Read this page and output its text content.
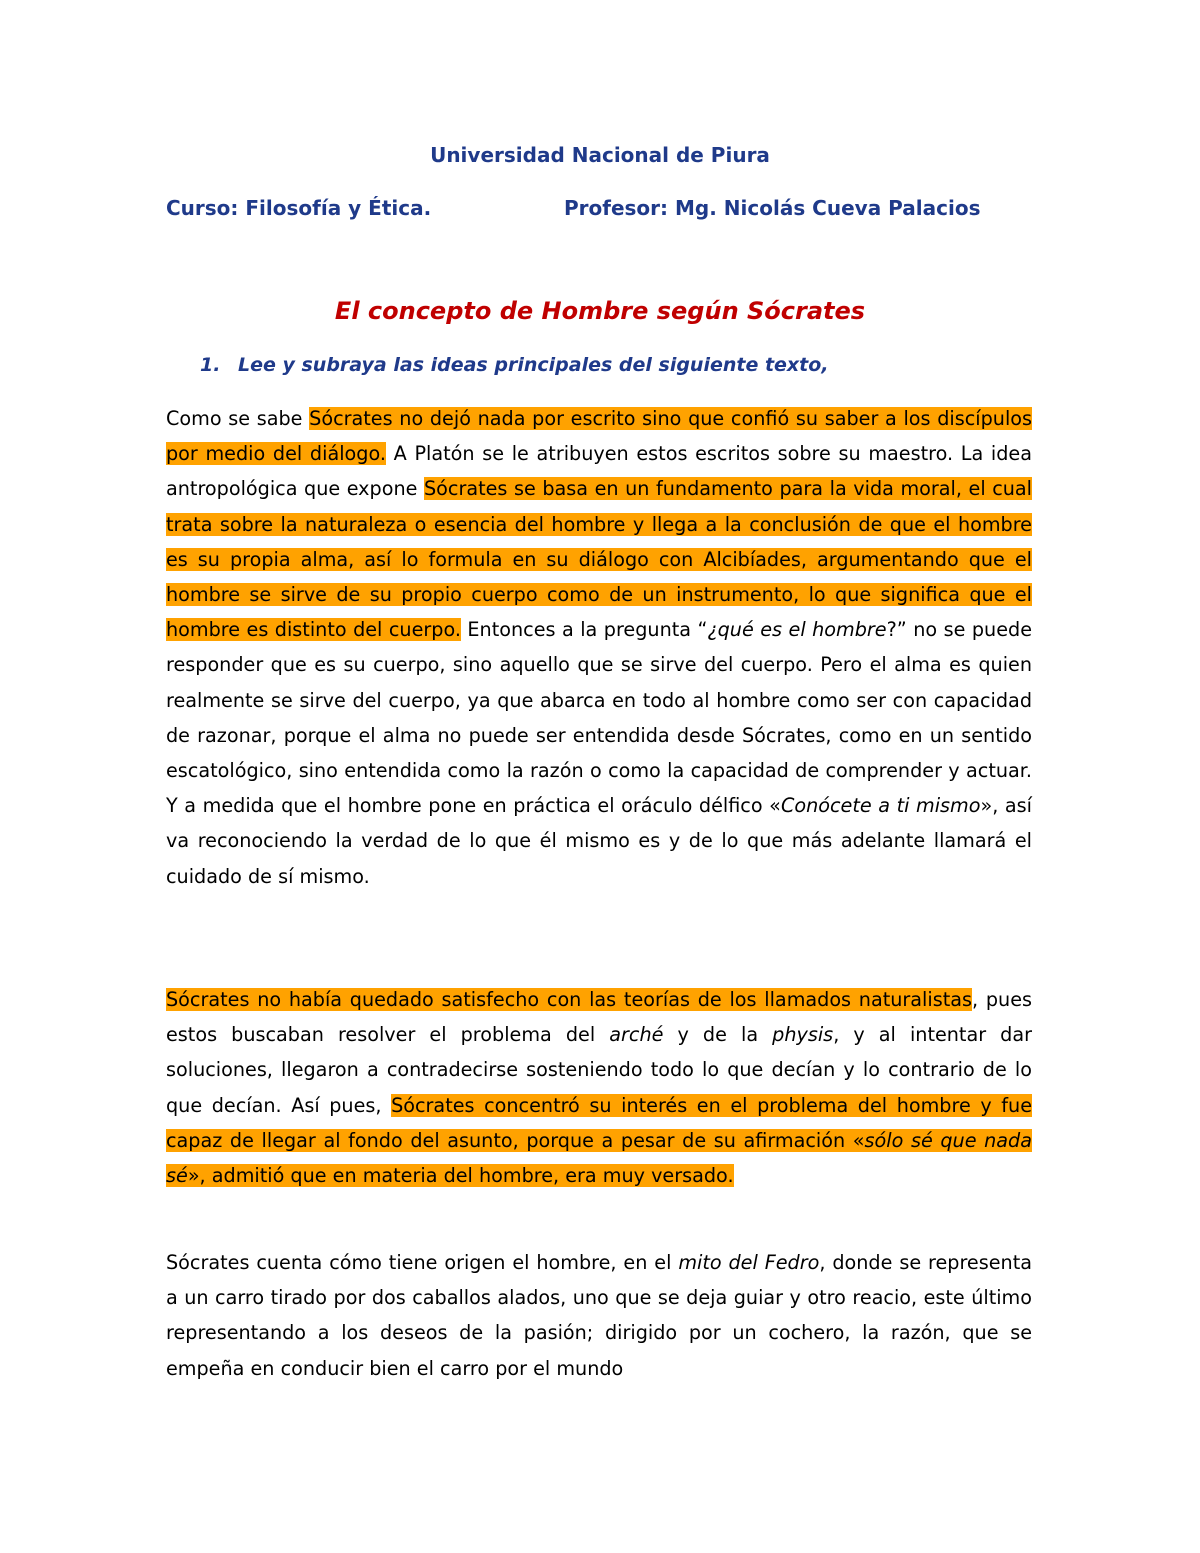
Universidad Nacional de Piura
Curso: Filosofía y Ética.	Profesor: Mg. Nicolás Cueva Palacios
El concepto de Hombre según Sócrates
1. Lee y subraya las ideas principales del siguiente texto,

Como se sabe Sócrates no dejó nada por escrito sino que confió su saber a los discípulos por medio del diálogo. A Platón se le atribuyen estos escritos sobre su maestro. La idea antropológica que expone Sócrates se basa en un fundamento para la vida moral, el cual trata sobre la naturaleza o esencia del hombre y llega a la conclusión de que el hombre es su propia alma, así lo formula en su diálogo con Alcibíades, argumentando que el hombre se sirve de su propio cuerpo como de un instrumento, lo que significa que el hombre es distinto del cuerpo. Entonces a la pregunta “¿qué es el hombre?” no se puede responder que es su cuerpo, sino aquello que se sirve del cuerpo. Pero el alma es quien realmente se sirve del cuerpo, ya que abarca en todo al hombre como ser con capacidad de razonar, porque el alma no puede ser entendida desde Sócrates, como en un sentido escatológico, sino entendida como la razón o como la capacidad de comprender y actuar. Y a medida que el hombre pone en práctica el oráculo délfico «Conócete a ti mismo», así va reconociendo la verdad de lo que él mismo es y de lo que más adelante llamará el cuidado de sí mismo.

Sócrates no había quedado satisfecho con las teorías de los llamados naturalistas, pues estos buscaban resolver el problema del arché y de la physis, y al intentar dar soluciones, llegaron a contradecirse sosteniendo todo lo que decían y lo contrario de lo que decían. Así pues, Sócrates concentró su interés en el problema del hombre y fue capaz de llegar al fondo del asunto, porque a pesar de su afirmación «sólo sé que nada sé», admitió que en materia del hombre, era muy versado.

Sócrates cuenta cómo tiene origen el hombre, en el mito del Fedro, donde se representa a un carro tirado por dos caballos alados, uno que se deja guiar y otro reacio, este último representando a los deseos de la pasión; dirigido por un cochero, la razón, que se empeña en conducir bien el carro por el mundo
